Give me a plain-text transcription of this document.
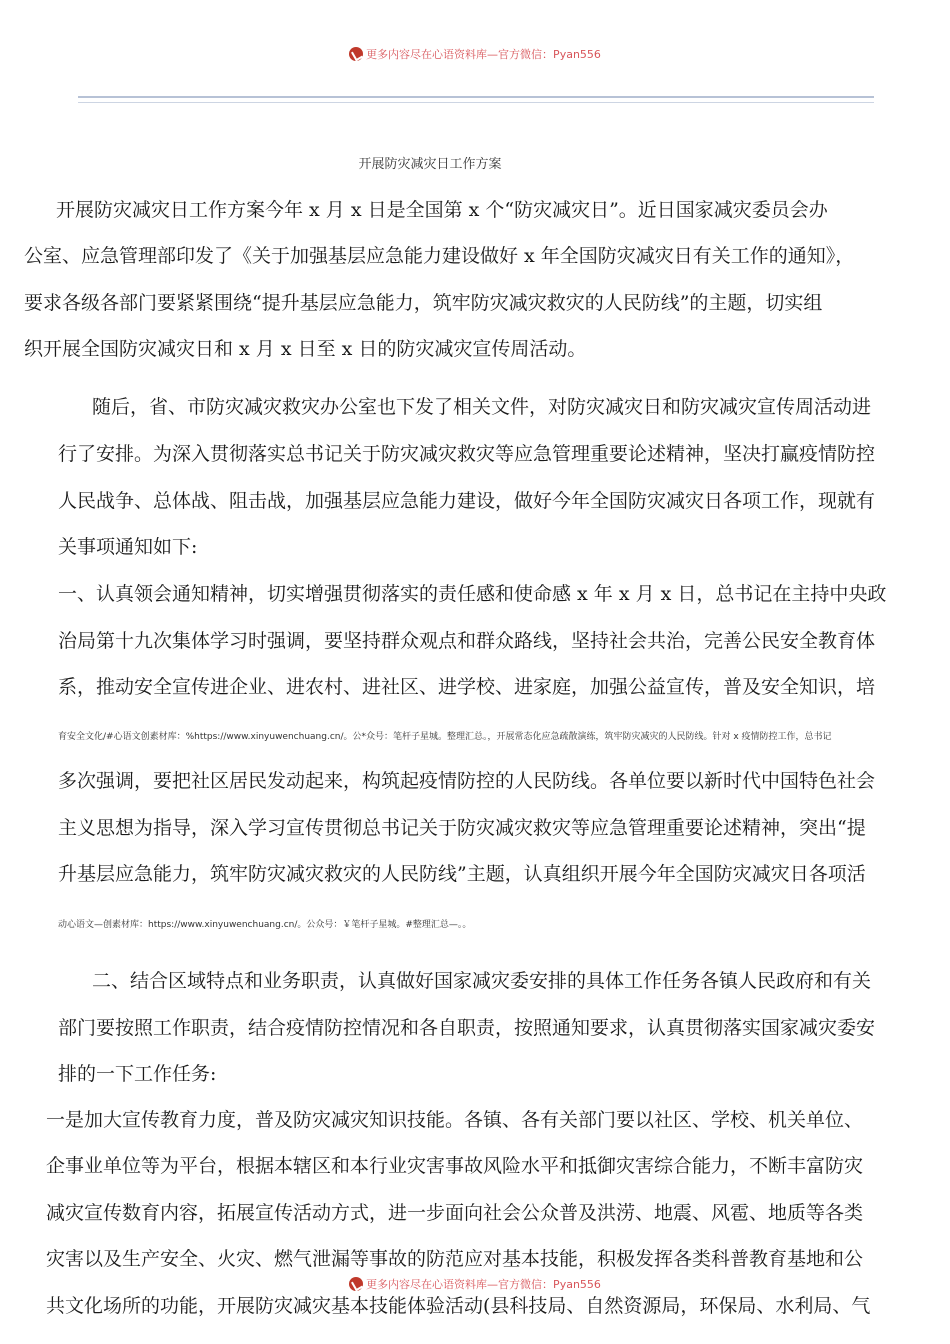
更多内容尽在心语资料库—官方微信：Pyan556
开展防灾减灾日工作方案
开展防灾减灾日工作方案今年 x 月 x 日是全国第 x 个“防灾减灾日”。近日国家减灾委员会办
公室、应急管理部印发了《关于加强基层应急能力建设做好 x 年全国防灾减灾日有关工作的通知》，
要求各级各部门要紧紧围绕“提升基层应急能力，筑牢防灾减灾救灾的人民防线”的主题，切实组
织开展全国防灾减灾日和 x 月 x 日至 x 日的防灾减灾宣传周活动。
随后，省、市防灾减灾救灾办公室也下发了相关文件，对防灾减灾日和防灾减灾宣传周活动进
行了安排。为深入贯彻落实总书记关于防灾减灾救灾等应急管理重要论述精神，坚决打赢疫情防控
人民战争、总体战、阻击战，加强基层应急能力建设，做好今年全国防灾减灾日各项工作，现就有
关事项通知如下:
一、认真领会通知精神，切实增强贯彻落实的责任感和使命感 x 年 x 月 x 日，总书记在主持中央政
治局第十九次集体学习时强调，要坚持群众观点和群众路线，坚持社会共治，完善公民安全教育体
系，推动安全宣传进企业、进农村、进社区、进学校、进家庭，加强公益宣传，普及安全知识，培
育安全文化/#心语文创素材库：%https://www.xinyuwenchuang.cn/。公*众号：笔杆子星城。整理汇总。，开展常态化应急疏散演练，筑牢防灾减灾的人民防线。针对 x 疫情防控工作，总书记
多次强调，要把社区居民发动起来，构筑起疫情防控的人民防线。各单位要以新时代中国特色社会
主义思想为指导，深入学习宣传贯彻总书记关于防灾减灾救灾等应急管理重要论述精神，突出“提
升基层应急能力，筑牢防灾减灾救灾的人民防线”主题，认真组织开展今年全国防灾减灾日各项活
动心语文—创素材库：https://www.xinyuwenchuang.cn/。公众号：￥笔杆子星城。#整理汇总—。。
二、结合区域特点和业务职责，认真做好国家减灾委安排的具体工作任务各镇人民政府和有关
部门要按照工作职责，结合疫情防控情况和各自职责，按照通知要求，认真贯彻落实国家减灾委安
排的一下工作任务:
一是加大宣传教育力度，普及防灾减灾知识技能。各镇、各有关部门要以社区、学校、机关单位、
企事业单位等为平台，根据本辖区和本行业灾害事故风险水平和抵御灾害综合能力，不断丰富防灾
减灾宣传数育内容，拓展宣传活动方式，进一步面向社会公众普及洪涝、地震、风雹、地质等各类
灾害以及生产安全、火灾、燃气泄漏等事故的防范应对基本技能，积极发挥各类科普教育基地和公
共文化场所的功能，开展防灾减灾基本技能体验活动(县科技局、自然资源局，环保局、水利局、气
更多内容尽在心语资料库—官方微信：Pyan556
